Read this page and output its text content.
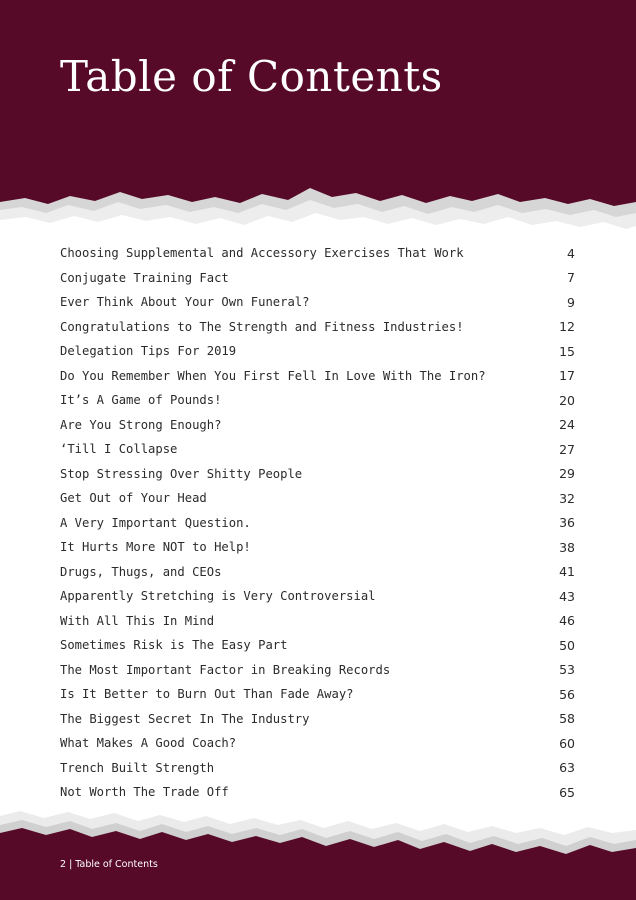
Table of Contents
Choosing Supplemental and Accessory Exercises That Work	4
Conjugate Training Fact	7
Ever Think About Your Own Funeral?	9
Congratulations to The Strength and Fitness Industries!	12
Delegation Tips For 2019	15
Do You Remember When You First Fell In Love With The Iron?	17
It’s A Game of Pounds!	20
Are You Strong Enough?	24
‘Till I Collapse	27
Stop Stressing Over Shitty People	29
Get Out of Your Head	32
A Very Important Question.	36
It Hurts More NOT to Help!	38
Drugs, Thugs, and CEOs	41
Apparently Stretching is Very Controversial	43
With All This In Mind	46
Sometimes Risk is The Easy Part	50
The Most Important Factor in Breaking Records	53
Is It Better to Burn Out Than Fade Away?	56
The Biggest Secret In The Industry	58
What Makes A Good Coach?	60
Trench Built Strength	63
Not Worth The Trade Off	65
2 | Table of Contents
